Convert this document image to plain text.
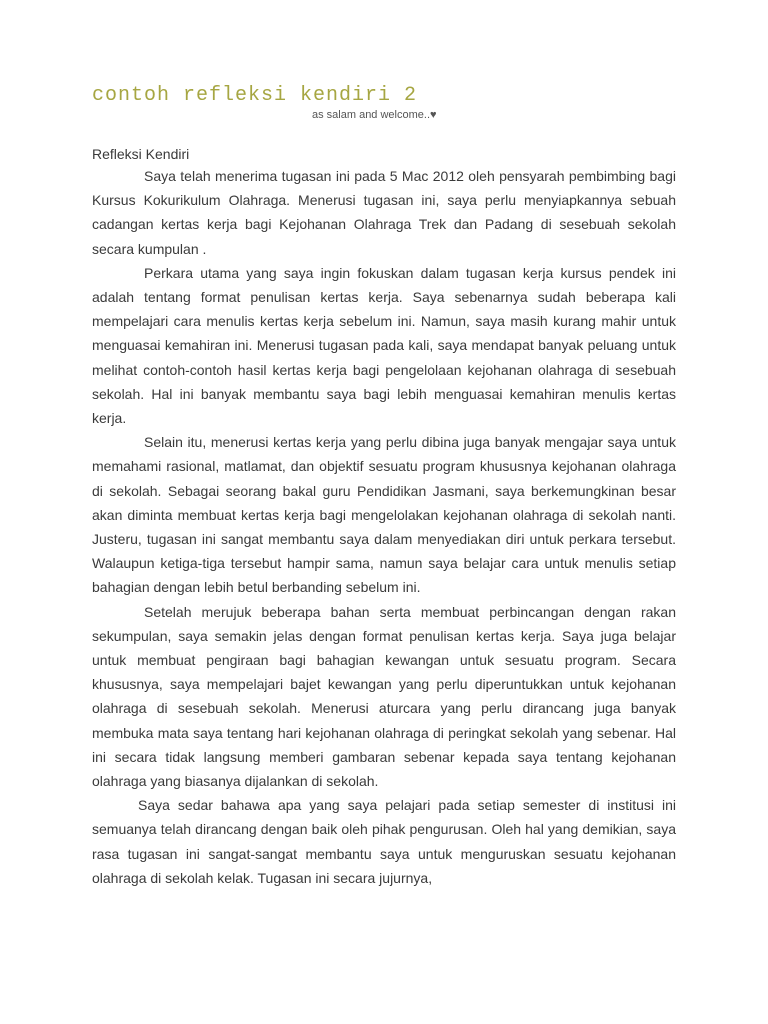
contoh refleksi kendiri 2
as salam and welcome..♥
Refleksi Kendiri

Saya telah menerima tugasan ini pada 5 Mac 2012 oleh pensyarah pembimbing bagi Kursus Kokurikulum Olahraga. Menerusi tugasan ini, saya perlu menyiapkannya sebuah cadangan kertas kerja bagi Kejohanan Olahraga Trek dan Padang di sesebuah sekolah secara kumpulan .

Perkara utama yang saya ingin fokuskan dalam tugasan kerja kursus pendek ini adalah tentang format penulisan kertas kerja. Saya sebenarnya sudah beberapa kali mempelajari cara menulis kertas kerja sebelum ini. Namun, saya masih kurang mahir untuk menguasai kemahiran ini. Menerusi tugasan pada kali, saya mendapat banyak peluang untuk melihat contoh-contoh hasil kertas kerja bagi pengelolaan kejohanan olahraga di sesebuah sekolah. Hal ini banyak membantu saya bagi lebih menguasai kemahiran menulis kertas kerja.

Selain itu, menerusi kertas kerja yang perlu dibina juga banyak mengajar saya untuk memahami rasional, matlamat, dan objektif sesuatu program khususnya kejohanan olahraga di sekolah. Sebagai seorang bakal guru Pendidikan Jasmani, saya berkemungkinan besar akan diminta membuat kertas kerja bagi mengelolakan kejohanan olahraga di sekolah nanti. Justeru, tugasan ini sangat membantu saya dalam menyediakan diri untuk perkara tersebut. Walaupun ketiga-tiga tersebut hampir sama, namun saya belajar cara untuk menulis setiap bahagian dengan lebih betul berbanding sebelum ini.

Setelah merujuk beberapa bahan serta membuat perbincangan dengan rakan sekumpulan, saya semakin jelas dengan format penulisan kertas kerja. Saya juga belajar untuk membuat pengiraan bagi bahagian kewangan untuk sesuatu program. Secara khususnya, saya mempelajari bajet kewangan yang perlu diperuntukkan untuk kejohanan olahraga di sesebuah sekolah. Menerusi aturcara yang perlu dirancang juga banyak membuka mata saya tentang hari kejohanan olahraga di peringkat sekolah yang sebenar. Hal ini secara tidak langsung memberi gambaran sebenar kepada saya tentang kejohanan olahraga yang biasanya dijalankan di sekolah.

Saya sedar bahawa apa yang saya pelajari pada setiap semester di institusi ini semuanya telah dirancang dengan baik oleh pihak pengurusan. Oleh hal yang demikian, saya rasa tugasan ini sangat-sangat membantu saya untuk menguruskan sesuatu kejohanan olahraga di sekolah kelak. Tugasan ini secara jujurnya,
